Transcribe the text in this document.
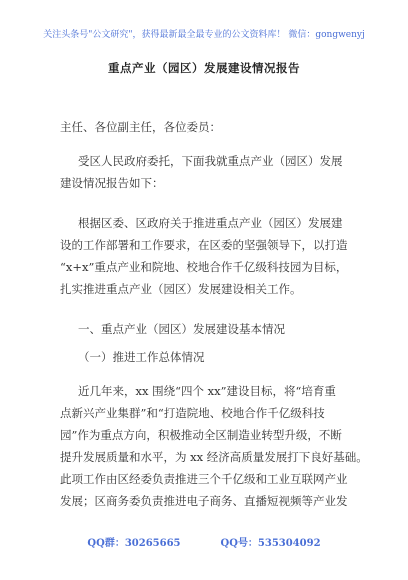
关注头条号"公文研究"，获得最新最全最专业的公文资料库！ 微信：gongwenyj
重点产业（园区）发展建设情况报告
主任、各位副主任，各位委员：
受区人民政府委托，下面我就重点产业（园区）发展
建设情况报告如下：
根据区委、区政府关于推进重点产业（园区）发展建
设的工作部署和工作要求，在区委的坚强领导下，以打造
“x+x”重点产业和院地、校地合作千亿级科技园为目标，
扎实推进重点产业（园区）发展建设相关工作。
一、重点产业（园区）发展建设基本情况
（一）推进工作总体情况
近几年来，xx 围绕“四个 xx”建设目标，将“培育重
点新兴产业集群”和“打造院地、校地合作千亿级科技
园”作为重点方向，积极推动全区制造业转型升级，不断
提升发展质量和水平，为 xx 经济高质量发展打下良好基础。
此项工作由区经委负责推进三个千亿级和工业互联网产业
发展；区商务委负责推进电子商务、直播短视频等产业发
QQ群：30265665	QQ号：535304092
